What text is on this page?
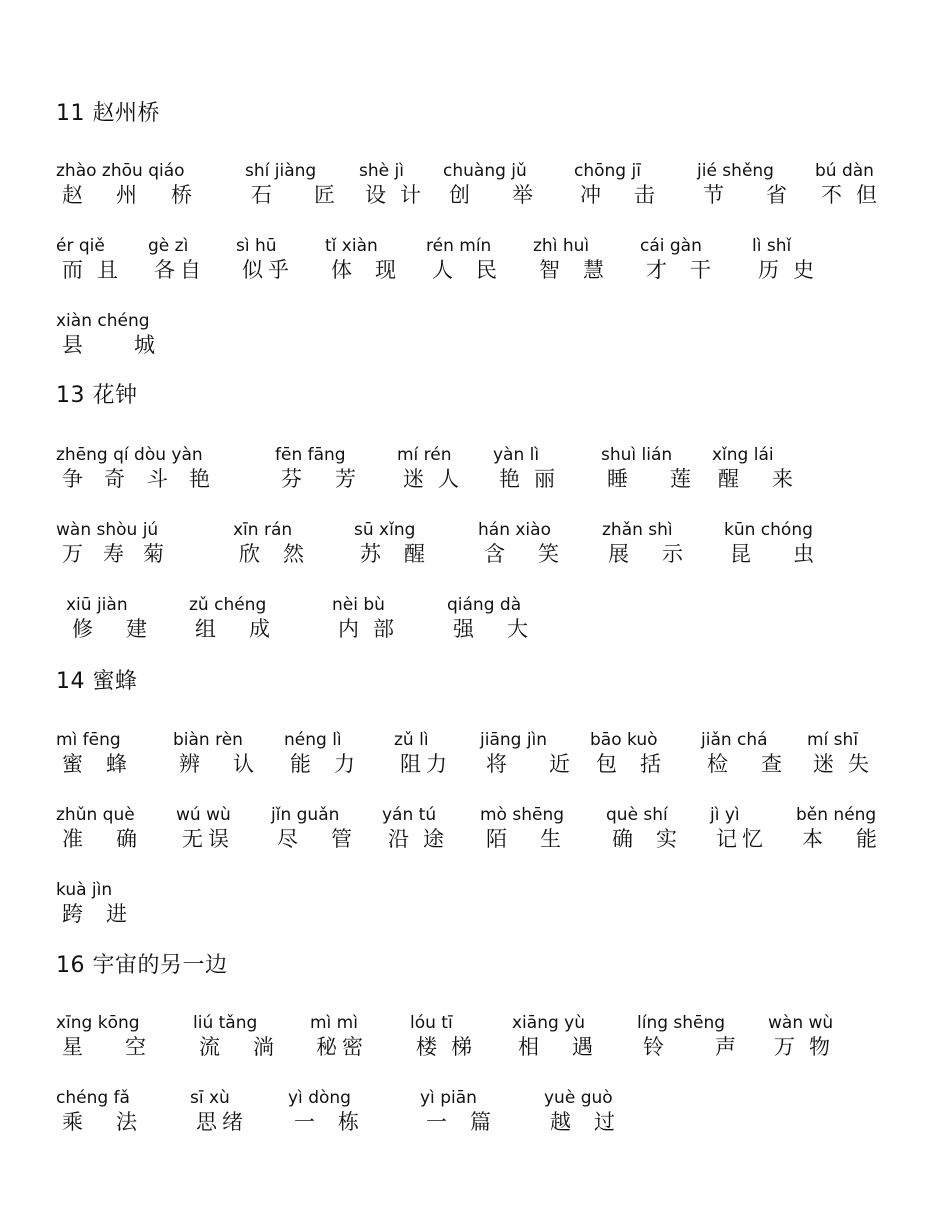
11 赵州桥
13 花钟
14 蜜蜂
16 宇宙的另一边
zhào zhōu qiáo
赵 州 桥
shí jiàng
石 匠
shè jì
设 计
chuàng jǔ
创 举
chōng jī
冲 击
jié shěng
节 省
bú dàn
不 但
ér qiě
而 且
gè zì
各 自
sì hū
似 乎
tǐ xiàn
体 现
rén mín
人 民
zhì huì
智 慧
cái gàn
才 干
lì shǐ
历 史
xiàn chéng
县 城
zhēng qí dòu yàn
争 奇 斗 艳
fēn fāng
芬 芳
mí rén
迷 人
yàn lì
艳 丽
shuì lián
睡 莲
xǐng lái
醒 来
wàn shòu jú
万 寿 菊
xīn rán
欣 然
sū xǐng
苏 醒
hán xiào
含 笑
zhǎn shì
展 示
kūn chóng
昆 虫
xiū jiàn
修 建
zǔ chéng
组 成
nèi bù
内 部
qiáng dà
强 大
mì fēng
蜜 蜂
biàn rèn
辨 认
néng lì
能 力
zǔ lì
阻 力
jiāng jìn
将 近
bāo kuò
包 括
jiǎn chá
检 查
mí shī
迷 失
zhǔn què
准 确
wú wù
无 误
jǐn guǎn
尽 管
yán tú
沿 途
mò shēng
陌 生
què shí
确 实
jì yì
记 忆
běn néng
本 能
kuà jìn
跨 进
xīng kōng
星 空
liú tǎng
流 淌
mì mì
秘 密
lóu tī
楼 梯
xiāng yù
相 遇
líng shēng
铃 声
wàn wù
万 物
chéng fǎ
乘 法
sī xù
思 绪
yì dòng
一 栋
yì piān
一 篇
yuè guò
越 过
